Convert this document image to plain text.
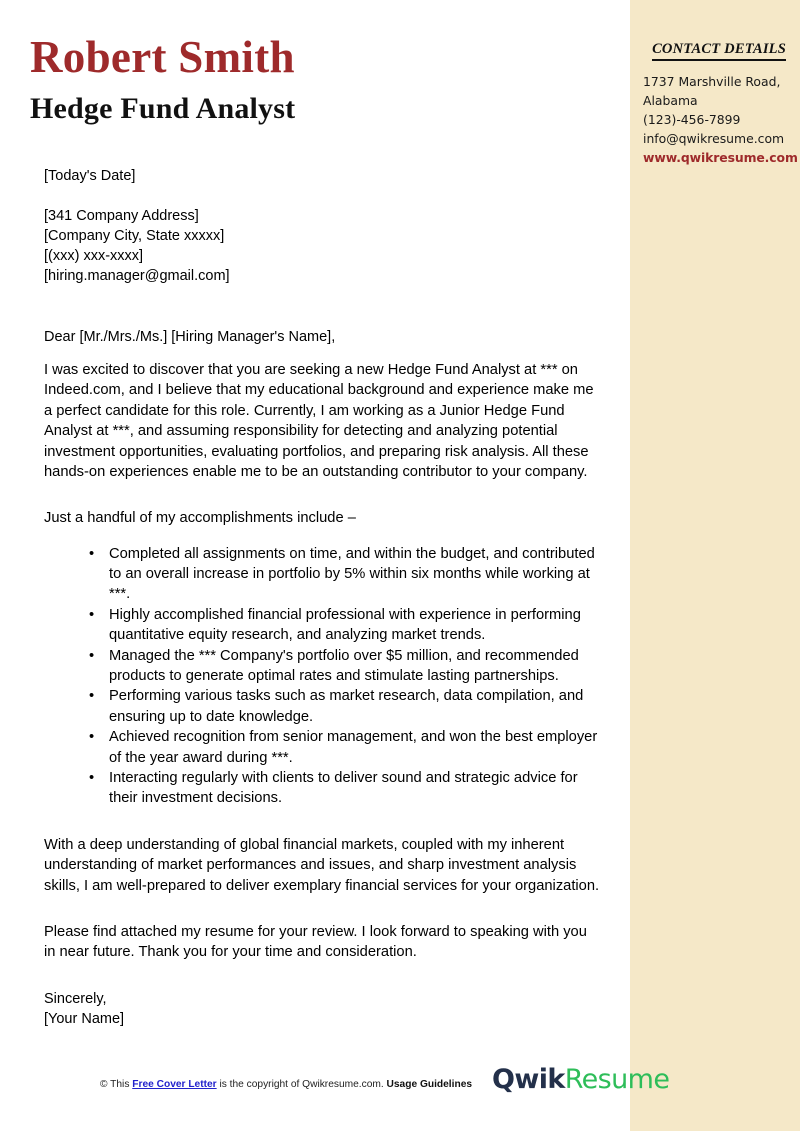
Robert Smith
Hedge Fund Analyst
[Today's Date]
[341 Company Address]
[Company City, State xxxxx]
[(xxx) xxx-xxxx]
[hiring.manager@gmail.com]
Dear [Mr./Mrs./Ms.] [Hiring Manager's Name],

I was excited to discover that you are seeking a new Hedge Fund Analyst at *** on Indeed.com, and I believe that my educational background and experience make me a perfect candidate for this role. Currently, I am working as a Junior Hedge Fund Analyst at ***, and assuming responsibility for detecting and analyzing potential investment opportunities, evaluating portfolios, and preparing risk analysis. All these hands-on experiences enable me to be an outstanding contributor to your company.

Just a handful of my accomplishments include –

• Completed all assignments on time, and within the budget, and contributed to an overall increase in portfolio by 5% within six months while working at ***.
• Highly accomplished financial professional with experience in performing quantitative equity research, and analyzing market trends.
• Managed the *** Company's portfolio over $5 million, and recommended products to generate optimal rates and stimulate lasting partnerships.
• Performing various tasks such as market research, data compilation, and ensuring up to date knowledge.
• Achieved recognition from senior management, and won the best employer of the year award during ***.
• Interacting regularly with clients to deliver sound and strategic advice for their investment decisions.

With a deep understanding of global financial markets, coupled with my inherent understanding of market performances and issues, and sharp investment analysis skills, I am well-prepared to deliver exemplary financial services for your organization.

Please find attached my resume for your review. I look forward to speaking with you in near future. Thank you for your time and consideration.

Sincerely,
[Your Name]
CONTACT DETAILS
1737 Marshville Road,
Alabama
(123)-456-7899
info@qwikresume.com
www.qwikresume.com
© This Free Cover Letter is the copyright of Qwikresume.com. Usage Guidelines QwikResume
